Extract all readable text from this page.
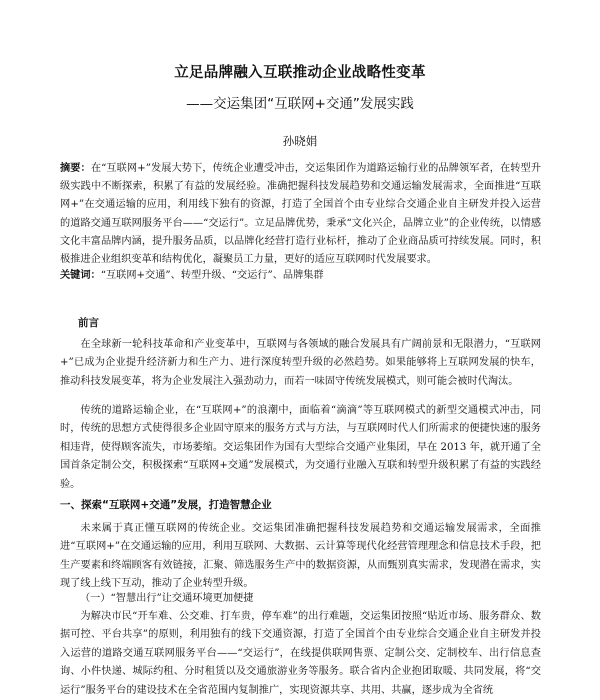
立足品牌融入互联推动企业战略性变革
——交运集团“互联网+交通”发展实践
孙晓娟
摘要：在“互联网+”发展大势下，传统企业遭受冲击，交运集团作为道路运输行业的品牌领军者，在转型升级实践中不断探索，积累了有益的发展经验。准确把握科技发展趋势和交通运输发展需求，全面推进“互联网+”在交通运输的应用，利用线下独有的资源，打造了全国首个由专业综合交通企业自主研发并投入运营的道路交通互联网服务平台——“交运行”。立足品牌优势，秉承“文化兴企，品牌立业”的企业传统，以情感文化丰富品牌内涵，提升服务品质，以品牌化经营打造行业标杆，推动了企业商品质可持续发展。同时，积极推进企业组织变革和结构优化，凝聚员工力量，更好的适应互联网时代发展要求。
关键词：“互联网+交通”、转型升级、“交运行”、品牌集群
前言
在全球新一轮科技革命和产业变革中，互联网与各领域的融合发展具有广阔前景和无限潜力，“互联网+”已成为企业提升经济新力和生产力、进行深度转型升级的必然趋势。如果能够将上互联网发展的快车，推动科技发展变革，将为企业发展注入强劲动力，而若一味固守传统发展模式，则可能会被时代淘汰。
传统的道路运输企业，在“互联网+”的浪潮中，面临着“滴滴”等互联网模式的新型交通模式冲击，同时，传统的思想方式使得很多企业固守原来的服务方式与方法，与互联网时代人们所需求的便捷快速的服务相违背，使得顾客流失，市场萎缩。交运集团作为国有大型综合交通产业集团，早在 2013 年，就开通了全国首条定制公交，积极探索“互联网+交通”发展模式，为交通行业融入互联和转型升级积累了有益的实践经验。
一、探索“互联网+交通”发展，打造智慧企业
未来属于真正懂互联网的传统企业。交运集团准确把握科技发展趋势和交通运输发展需求，全面推进“互联网+”在交通运输的应用，利用互联网、大数据、云计算等现代化经营管理理念和信息技术手段，把生产要素和终端顾客有效链接，汇聚、筛选服务生产中的数据资源，从而甄别真实需求，发现潜在需求，实现了线上线下互动，推动了企业转型升级。
（一）“智慧出行”让交通环境更加便捷
为解决市民“开车难、公交难、打车贵，停车难”的出行难题，交运集团按照“贴近市场、服务群众、数据可控、平台共享”的原则，利用独有的线下交通资源，打造了全国首个由专业综合交通企业自主研发并投入运营的道路交通互联网服务平台——“交运行”，在线提供联网售票、定制公交、定制校车、出行信息查询、小件快递、城际约租、分时租赁以及交通旅游业务等服务。联合省内企业抱团取暖、共同发展，将“交运行”服务平台的建设技术在全省范围内复制推广，实现资源共享、共用、共赢，逐步成为全省统
